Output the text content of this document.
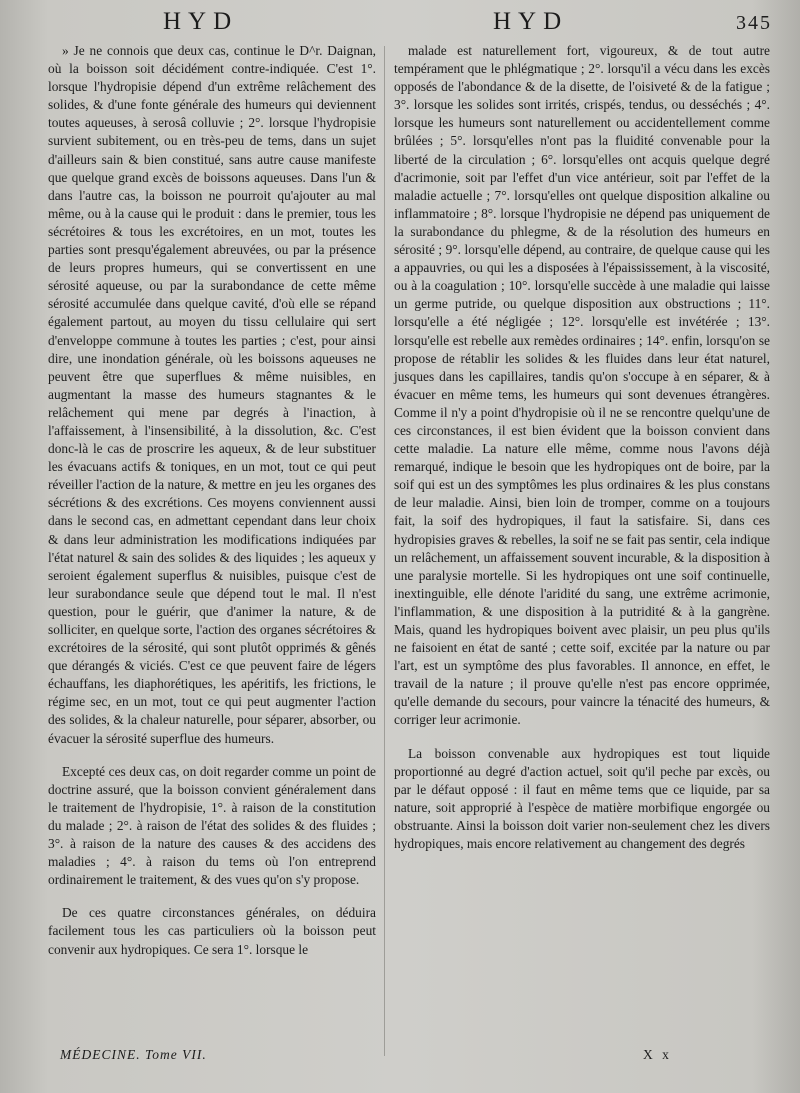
HYD	HYD	345

» Je ne connois que deux cas, continue le D^r. Daignan, où la boisson soit décidément contre-indiquée. C'est 1°. lorsque l'hydropisie dépend d'un extrême relâchement des solides, & d'une fonte générale des humeurs qui deviennent toutes aqueuses, à serosâ colluvie ; 2°. lorsque l'hydropisie survient subitement, ou en très-peu de tems, dans un sujet d'ailleurs sain & bien constitué, sans autre cause manifeste que quelque grand excès de boissons aqueuses. Dans l'un & dans l'autre cas, la boisson ne pourroit qu'ajouter au mal même, ou à la cause qui le produit : dans le premier, tous les sécrétoires & tous les excrétoires, en un mot, toutes les parties sont presqu'également abreuvées, ou par la présence de leurs propres humeurs, qui se convertissent en une sérosité aqueuse, ou par la surabondance de cette même sérosité accumulée dans quelque cavité, d'où elle se répand également partout, au moyen du tissu cellulaire qui sert d'enveloppe commune à toutes les parties ; c'est, pour ainsi dire, une inondation générale, où les boissons aqueuses ne peuvent être que superflues & même nuisibles, en augmentant la masse des humeurs stagnantes & le relâchement qui mene par degrés à l'inaction, à l'affaissement, à l'insensibilité, à la dissolution, &c. C'est donc-là le cas de proscrire les aqueux, & de leur substituer les évacuans actifs & toniques, en un mot, tout ce qui peut réveiller l'action de la nature, & mettre en jeu les organes des sécrétions & des excrétions. Ces moyens conviennent aussi dans le second cas, en admettant cependant dans leur choix & dans leur administration les modifications indiquées par l'état naturel & sain des solides & des liquides ; les aqueux y seroient également superflus & nuisibles, puisque c'est de leur surabondance seule que dépend tout le mal. Il n'est question, pour le guérir, que d'animer la nature, & de solliciter, en quelque sorte, l'action des organes sécrétoires & excrétoires de la sérosité, qui sont plutôt opprimés & gênés que dérangés & viciés. C'est ce que peuvent faire de légers échauffans, les diaphorétiques, les apéritifs, les frictions, le régime sec, en un mot, tout ce qui peut augmenter l'action des solides, & la chaleur naturelle, pour séparer, absorber, ou évacuer la sérosité superflue des humeurs.

Excepté ces deux cas, on doit regarder comme un point de doctrine assuré, que la boisson convient généralement dans le traitement de l'hydropisie, 1°. à raison de la constitution du malade ; 2°. à raison de l'état des solides & des fluides ; 3°. à raison de la nature des causes & des accidens des maladies ; 4°. à raison du tems où l'on entreprend ordinairement le traitement, & des vues qu'on s'y propose.

De ces quatre circonstances générales, on déduira facilement tous les cas particuliers où la boisson peut convenir aux hydropiques. Ce sera 1°. lorsque le

malade est naturellement fort, vigoureux, & de tout autre tempérament que le phlégmatique ; 2°. lorsqu'il a vécu dans les excès opposés de l'abondance & de la disette, de l'oisiveté & de la fatigue ; 3°. lorsque les solides sont irrités, crispés, tendus, ou desséchés ; 4°. lorsque les humeurs sont naturellement ou accidentellement comme brûlées ; 5°. lorsqu'elles n'ont pas la fluidité convenable pour la liberté de la circulation ; 6°. lorsqu'elles ont acquis quelque degré d'acrimonie, soit par l'effet d'un vice antérieur, soit par l'effet de la maladie actuelle ; 7°. lorsqu'elles ont quelque disposition alkaline ou inflammatoire ; 8°. lorsque l'hydropisie ne dépend pas uniquement de la surabondance du phlegme, & de la résolution des humeurs en sérosité ; 9°. lorsqu'elle dépend, au contraire, de quelque cause qui les a appauvries, ou qui les a disposées à l'épaississement, à la viscosité, ou à la coagulation ; 10°. lorsqu'elle succède à une maladie qui laisse un germe putride, ou quelque disposition aux obstructions ; 11°. lorsqu'elle a été négligée ; 12°. lorsqu'elle est invétérée ; 13°. lorsqu'elle est rebelle aux remèdes ordinaires ; 14°. enfin, lorsqu'on se propose de rétablir les solides & les fluides dans leur état naturel, jusques dans les capillaires, tandis qu'on s'occupe à en séparer, & à évacuer en même tems, les humeurs qui sont devenues étrangères. Comme il n'y a point d'hydropisie où il ne se rencontre quelqu'une de ces circonstances, il est bien évident que la boisson convient dans cette maladie. La nature elle même, comme nous l'avons déjà remarqué, indique le besoin que les hydropiques ont de boire, par la soif qui est un des symptômes les plus ordinaires & les plus constans de leur maladie. Ainsi, bien loin de tromper, comme on a toujours fait, la soif des hydropiques, il faut la satisfaire. Si, dans ces hydropisies graves & rebelles, la soif ne se fait pas sentir, cela indique un relâchement, un affaissement souvent incurable, & la disposition à une paralysie mortelle. Si les hydropiques ont une soif continuelle, inextinguible, elle dénote l'aridité du sang, une extrême acrimonie, l'inflammation, & une disposition à la putridité & à la gangrène. Mais, quand les hydropiques boivent avec plaisir, un peu plus qu'ils ne faisoient en état de santé ; cette soif, excitée par la nature ou par l'art, est un symptôme des plus favorables. Il annonce, en effet, le travail de la nature ; il prouve qu'elle n'est pas encore opprimée, qu'elle demande du secours, pour vaincre la ténacité des humeurs, & corriger leur acrimonie.

La boisson convenable aux hydropiques est tout liquide proportionné au degré d'action actuel, soit qu'il peche par excès, ou par le défaut opposé : il faut en même tems que ce liquide, par sa nature, soit approprié à l'espèce de matière morbifique engorgée ou obstruante. Ainsi la boisson doit varier non-seulement chez les divers hydropiques, mais encore relativement au changement des degrés

MÉDECINE. Tome VII.	X x
